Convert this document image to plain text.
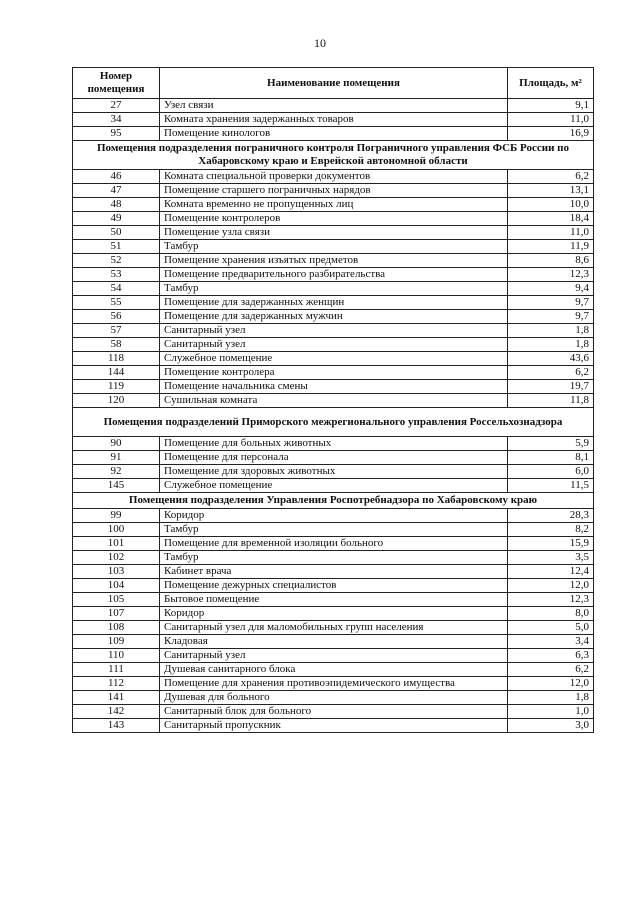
10
Номер помещения	Наименование помещения	Площадь, м²
27	Узел связи	9,1
34	Комната хранения задержанных товаров	11,0
95	Помещение кинологов	16,9
Помещения подразделения пограничного контроля Пограничного управления ФСБ России по Хабаровскому краю и Еврейской автономной области		
46	Комната специальной проверки документов	6,2
47	Помещение старшего пограничных нарядов	13,1
48	Комната временно не пропущенных лиц	10,0
49	Помещение контролеров	18,4
50	Помещение узла связи	11,0
51	Тамбур	11,9
52	Помещение хранения изъятых предметов	8,6
53	Помещение предварительного разбирательства	12,3
54	Тамбур	9,4
55	Помещение для задержанных женщин	9,7
56	Помещение для задержанных мужчин	9,7
57	Санитарный узел	1,8
58	Санитарный узел	1,8
118	Служебное помещение	43,6
144	Помещение контролера	6,2
119	Помещение начальника смены	19,7
120	Сушильная комната	11,8
Помещения подразделений Приморского межрегионального управления Россельхознадзора		
90	Помещение для больных животных	5,9
91	Помещение для персонала	8,1
92	Помещение для здоровых животных	6,0
145	Служебное помещение	11,5
Помещения подразделения Управления Роспотребнадзора по Хабаровскому краю		
99	Коридор	28,3
100	Тамбур	8,2
101	Помещение для временной изоляции больного	15,9
102	Тамбур	3,5
103	Кабинет врача	12,4
104	Помещение дежурных специалистов	12,0
105	Бытовое помещение	12,3
107	Коридор	8,0
108	Санитарный узел для маломобильных групп населения	5,0
109	Кладовая	3,4
110	Санитарный узел	6,3
111	Душевая санитарного блока	6,2
112	Помещение для хранения противоэпидемического имущества	12,0
141	Душевая для больного	1,8
142	Санитарный блок для больного	1,0
143	Санитарный пропускник	3,0
